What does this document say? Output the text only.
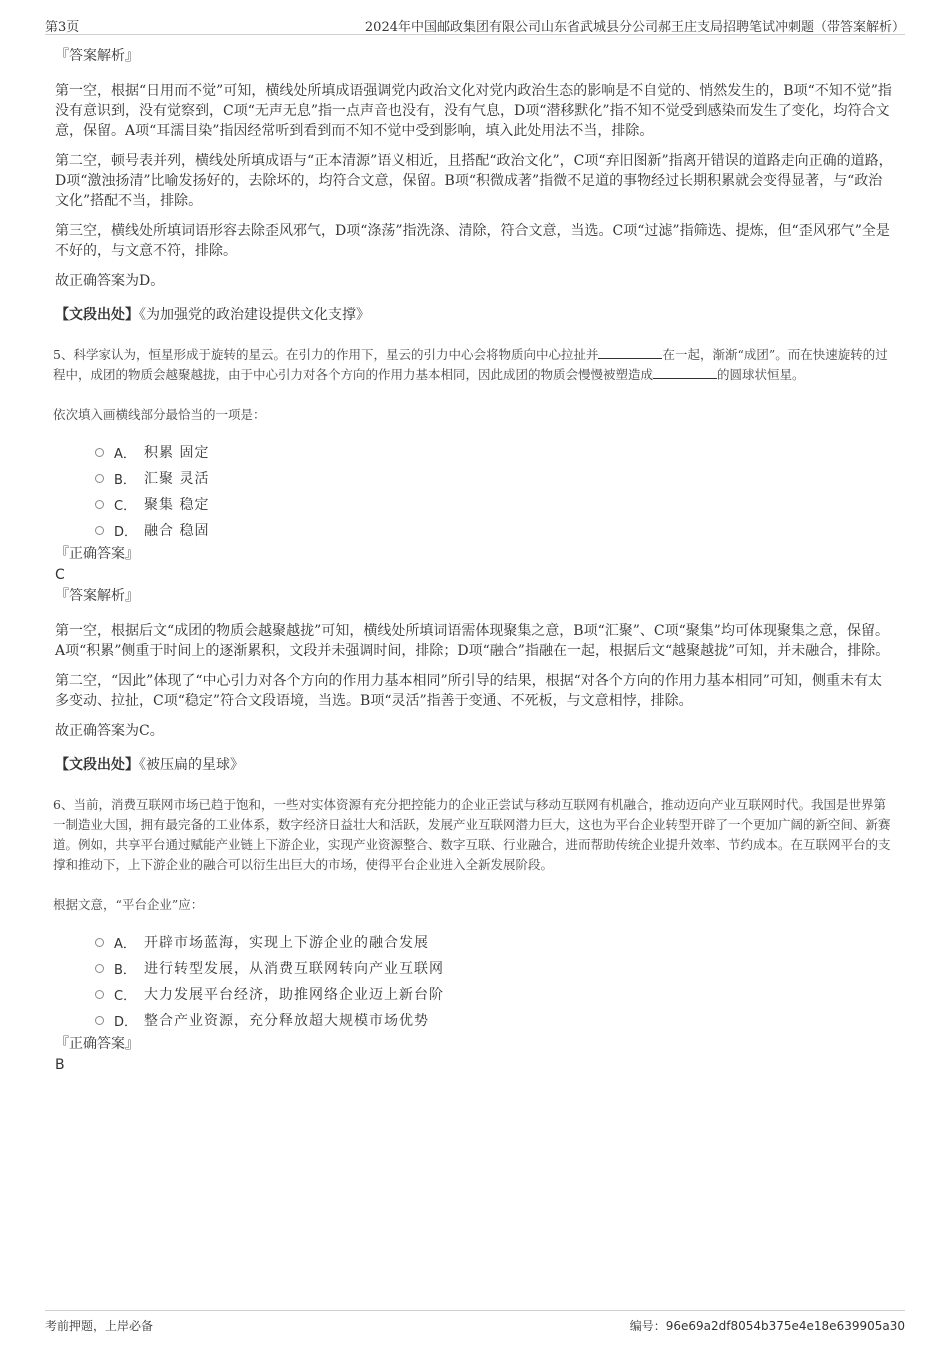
第3页	2024年中国邮政集团有限公司山东省武城县分公司郝王庄支局招聘笔试冲刺题（带答案解析）
『答案解析』

第一空，根据“日用而不觉”可知，横线处所填成语强调党内政治文化对党内政治生态的影响是不自觉的、悄然发生的，B项“不知不觉”指没有意识到，没有觉察到，C项“无声无息”指一点声音也没有，没有气息，D项“潜移默化”指不知不觉受到感染而发生了变化，均符合文意，保留。A项“耳濡目染”指因经常听到看到而不知不觉中受到影响，填入此处用法不当，排除。

第二空，顿号表并列，横线处所填成语与“正本清源”语义相近，且搭配“政治文化”，C项“弃旧图新”指离开错误的道路走向正确的道路，D项“激浊扬清”比喻发扬好的，去除坏的，均符合文意，保留。B项“积微成著”指微不足道的事物经过长期积累就会变得显著，与“政治文化”搭配不当，排除。

第三空，横线处所填词语形容去除歪风邪气，D项“涤荡”指洗涤、清除，符合文意，当选。C项“过滤”指筛选、提炼，但“歪风邪气”全是不好的，与文意不符，排除。

故正确答案为D。

【文段出处】《为加强党的政治建设提供文化支撑》

5、科学家认为，恒星形成于旋转的星云。在引力的作用下，星云的引力中心会将物质向中心拉扯并	在一起，渐渐“成团”。而在快速旋转的过程中，成团的物质会越聚越拢，由于中心引力对各个方向的作用力基本相同，因此成团的物质会慢慢被塑造成	的圆球状恒星。

依次填入画横线部分最恰当的一项是：

A． 积累 固定
B． 汇聚 灵活
C． 聚集 稳定
D． 融合 稳固
『正确答案』

C

『答案解析』

第一空，根据后文“成团的物质会越聚越拢”可知，横线处所填词语需体现聚集之意，B项“汇聚”、C项“聚集”均可体现聚集之意，保留。A项“积累”侧重于时间上的逐渐累积，文段并未强调时间，排除；D项“融合”指融在一起，根据后文“越聚越拢”可知，并未融合，排除。

第二空，“因此”体现了“中心引力对各个方向的作用力基本相同”所引导的结果，根据“对各个方向的作用力基本相同”可知，侧重未有太多变动、拉扯，C项“稳定”符合文段语境，当选。B项“灵活”指善于变通、不死板，与文意相悖，排除。

故正确答案为C。

【文段出处】《被压扁的星球》

6、当前，消费互联网市场已趋于饱和，一些对实体资源有充分把控能力的企业正尝试与移动互联网有机融合，推动迈向产业互联网时代。我国是世界第一制造业大国，拥有最完备的工业体系，数字经济日益壮大和活跃，发展产业互联网潜力巨大，这也为平台企业转型开辟了一个更加广阔的新空间、新赛道。例如，共享平台通过赋能产业链上下游企业，实现产业资源整合、数字互联、行业融合，进而帮助传统企业提升效率、节约成本。在互联网平台的支撑和推动下，上下游企业的融合可以衍生出巨大的市场，使得平台企业进入全新发展阶段。

根据文意，“平台企业”应：

A． 开辟市场蓝海，实现上下游企业的融合发展
B． 进行转型发展，从消费互联网转向产业互联网
C． 大力发展平台经济，助推网络企业迈上新台阶
D． 整合产业资源，充分释放超大规模市场优势
『正确答案』

B

考前押题，上岸必备	编号：96e69a2df8054b375e4e18e639905a30
